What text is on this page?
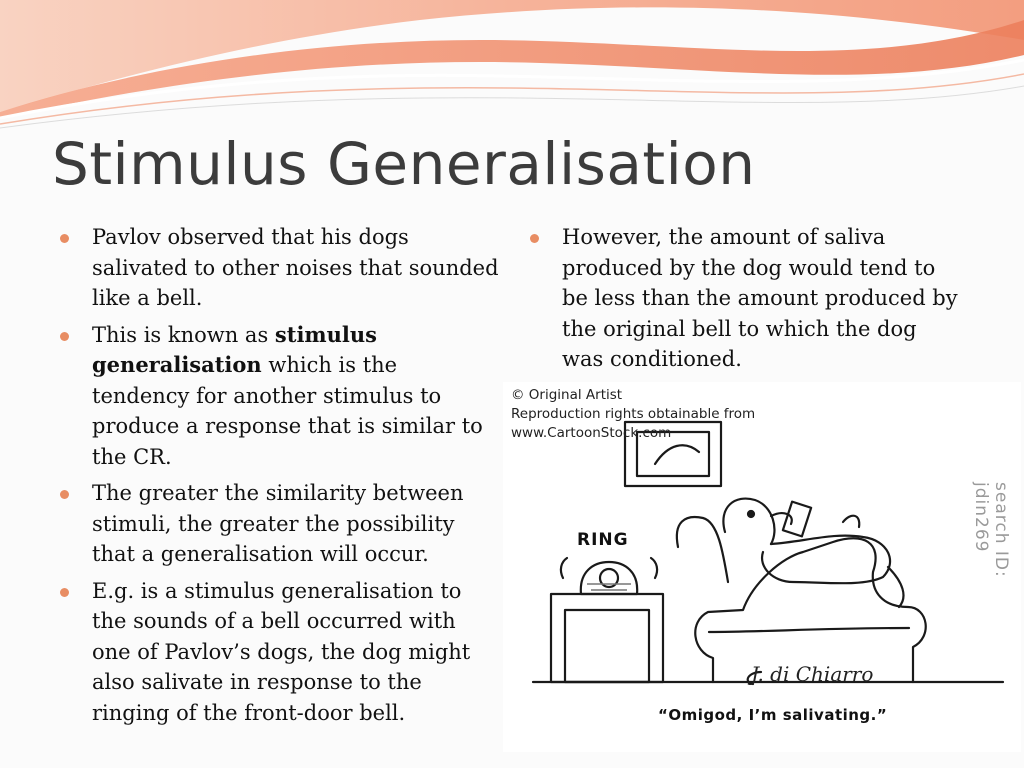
Stimulus Generalisation
Pavlov observed that his dogs salivated to other noises that sounded like a bell.
This is known as stimulus generalisation which is the tendency for another stimulus to produce a response that is similar to the CR.
The greater the similarity between stimuli, the greater the possibility that a generalisation will occur.
E.g. is a stimulus generalisation to the sounds of a bell occurred with one of Pavlov’s dogs, the dog might also salivate in response to the ringing of the front-door bell.
However, the amount of saliva produced by the dog would tend to be less than the amount produced by the original bell to which the dog was conditioned.
© Original Artist
Reproduction rights obtainable from
www.CartoonStock.com
search ID: jdin269
RING
J. di Chiarro
“Omigod, I’m salivating.”
